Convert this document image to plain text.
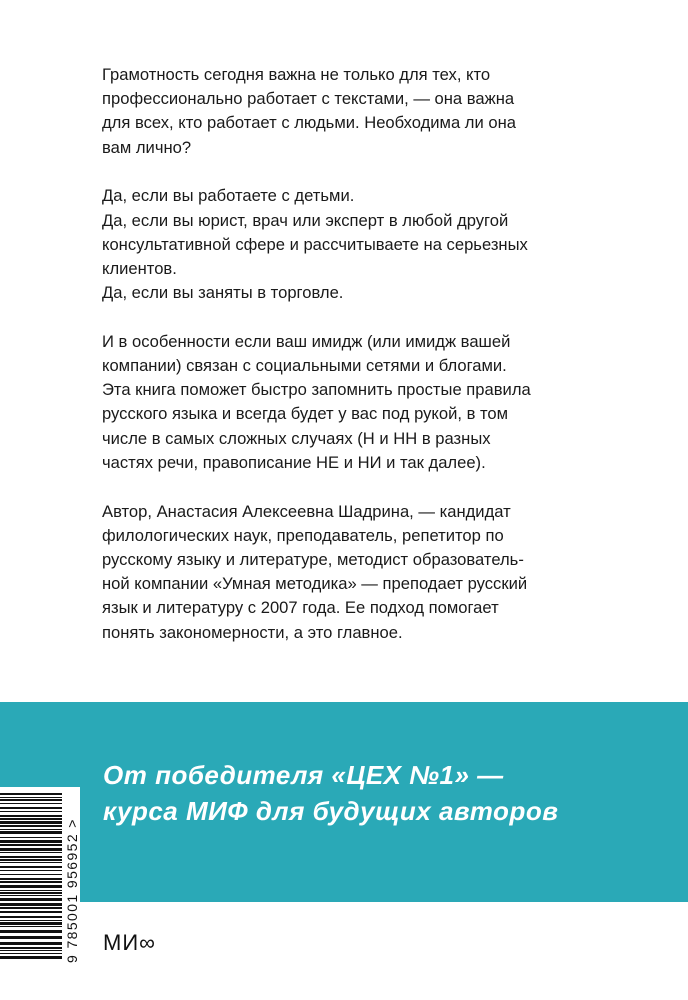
Грамотность сегодня важна не только для тех, кто
профессионально работает с текстами, — она важна
для всех, кто работает с людьми. Необходима ли она
вам лично?

Да, если вы работаете с детьми.
Да, если вы юрист, врач или эксперт в любой другой
консультативной сфере и рассчитываете на серьезных
клиентов.
Да, если вы заняты в торговле.

И в особенности если ваш имидж (или имидж вашей
компании) связан с социальными сетями и блогами.
Эта книга поможет быстро запомнить простые правила
русского языка и всегда будет у вас под рукой, в том
числе в самых сложных случаях (Н и НН в разных
частях речи, правописание НЕ и НИ и так далее).

Автор, Анастасия Алексеевна Шадрина, — кандидат
филологических наук, преподаватель, репетитор по
русскому языку и литературе, методист образователь-
ной компании «Умная методика» — преподает русский
язык и литературу с 2007 года. Ее подход помогает
понять закономерности, а это главное.

От победителя «ЦЕХ №1» —
курса МИФ для будущих авторов
9 785001 956952 > МИ∞
